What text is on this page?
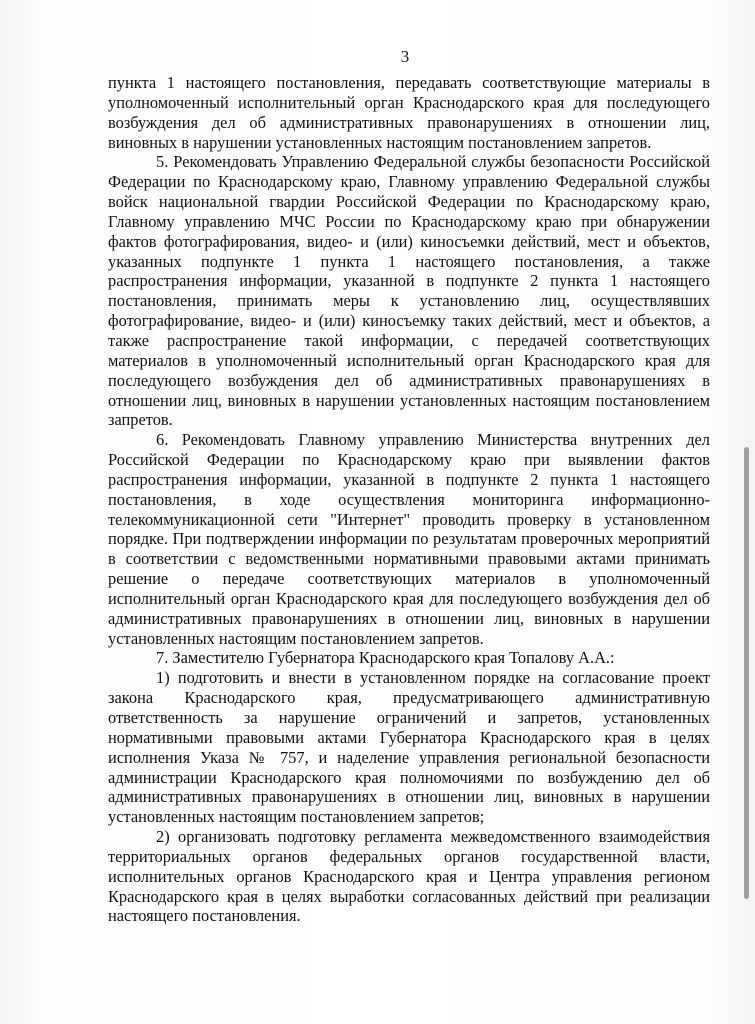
3

пункта 1 настоящего постановления, передавать соответствующие материалы в уполномоченный исполнительный орган Краснодарского края для последующего возбуждения дел об административных правонарушениях в отношении лиц, виновных в нарушении установленных настоящим постановлением запретов.

5. Рекомендовать Управлению Федеральной службы безопасности Российской Федерации по Краснодарскому краю, Главному управлению Федеральной службы войск национальной гвардии Российской Федерации по Краснодарскому краю, Главному управлению МЧС России по Краснодарскому краю при обнаружении фактов фотографирования, видео- и (или) киносъемки действий, мест и объектов, указанных подпункте 1 пункта 1 настоящего постановления, а также распространения информации, указанной в подпункте 2 пункта 1 настоящего постановления, принимать меры к установлению лиц, осуществлявших фотографирование, видео- и (или) киносъемку таких действий, мест и объектов, а также распространение такой информации, с передачей соответствующих материалов в уполномоченный исполнительный орган Краснодарского края для последующего возбуждения дел об административных правонарушениях в отношении лиц, виновных в нарушении установленных настоящим постановлением запретов.

6. Рекомендовать Главному управлению Министерства внутренних дел Российской Федерации по Краснодарскому краю при выявлении фактов распространения информации, указанной в подпункте 2 пункта 1 настоящего постановления, в ходе осуществления мониторинга информационно-телекоммуникационной сети "Интернет" проводить проверку в установленном порядке. При подтверждении информации по результатам проверочных мероприятий в соответствии с ведомственными нормативными правовыми актами принимать решение о передаче соответствующих материалов в уполномоченный исполнительный орган Краснодарского края для последующего возбуждения дел об административных правонарушениях в отношении лиц, виновных в нарушении установленных настоящим постановлением запретов.

7. Заместителю Губернатора Краснодарского края Топалову А.А.:

1) подготовить и внести в установленном порядке на согласование проект закона Краснодарского края, предусматривающего административную ответственность за нарушение ограничений и запретов, установленных нормативными правовыми актами Губернатора Краснодарского края в целях исполнения Указа № 757, и наделение управления региональной безопасности администрации Краснодарского края полномочиями по возбуждению дел об административных правонарушениях в отношении лиц, виновных в нарушении установленных настоящим постановлением запретов;

2) организовать подготовку регламента межведомственного взаимодействия территориальных органов федеральных органов государственной власти, исполнительных органов Краснодарского края и Центра управления регионом Краснодарского края в целях выработки согласованных действий при реализации настоящего постановления.
